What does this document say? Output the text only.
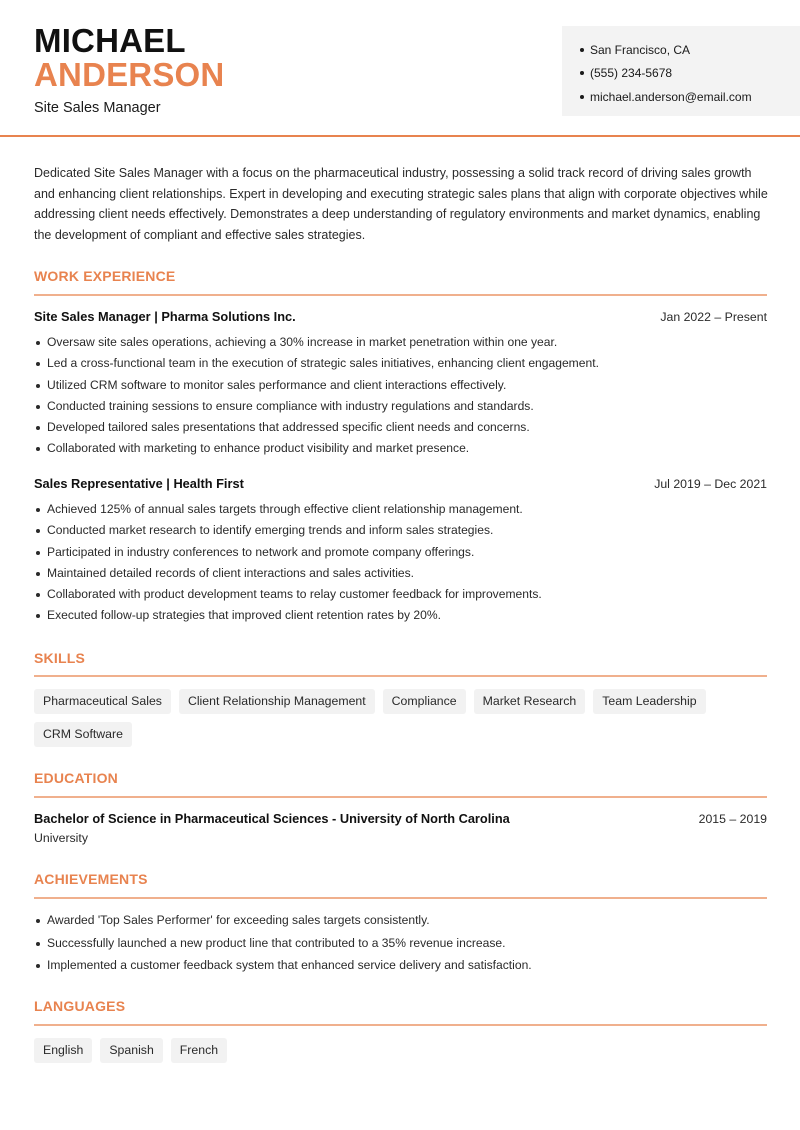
MICHAEL
ANDERSON
Site Sales Manager
San Francisco, CA
(555) 234-5678
michael.anderson@email.com

Dedicated Site Sales Manager with a focus on the pharmaceutical industry, possessing a solid track record of driving sales growth and enhancing client relationships. Expert in developing and executing strategic sales plans that align with corporate objectives while addressing client needs effectively. Demonstrates a deep understanding of regulatory environments and market dynamics, enabling the development of compliant and effective sales strategies.

WORK EXPERIENCE
Site Sales Manager | Pharma Solutions Inc.	Jan 2022 – Present
Oversaw site sales operations, achieving a 30% increase in market penetration within one year.
Led a cross-functional team in the execution of strategic sales initiatives, enhancing client engagement.
Utilized CRM software to monitor sales performance and client interactions effectively.
Conducted training sessions to ensure compliance with industry regulations and standards.
Developed tailored sales presentations that addressed specific client needs and concerns.
Collaborated with marketing to enhance product visibility and market presence.
Sales Representative | Health First	Jul 2019 – Dec 2021
Achieved 125% of annual sales targets through effective client relationship management.
Conducted market research to identify emerging trends and inform sales strategies.
Participated in industry conferences to network and promote company offerings.
Maintained detailed records of client interactions and sales activities.
Collaborated with product development teams to relay customer feedback for improvements.
Executed follow-up strategies that improved client retention rates by 20%.
SKILLS
Pharmaceutical Sales	Client Relationship Management	Compliance	Market Research	Team Leadership
CRM Software
EDUCATION
Bachelor of Science in Pharmaceutical Sciences - University of North Carolina	2015 – 2019
University
ACHIEVEMENTS
Awarded 'Top Sales Performer' for exceeding sales targets consistently.
Successfully launched a new product line that contributed to a 35% revenue increase.
Implemented a customer feedback system that enhanced service delivery and satisfaction.
LANGUAGES
English	Spanish	French
